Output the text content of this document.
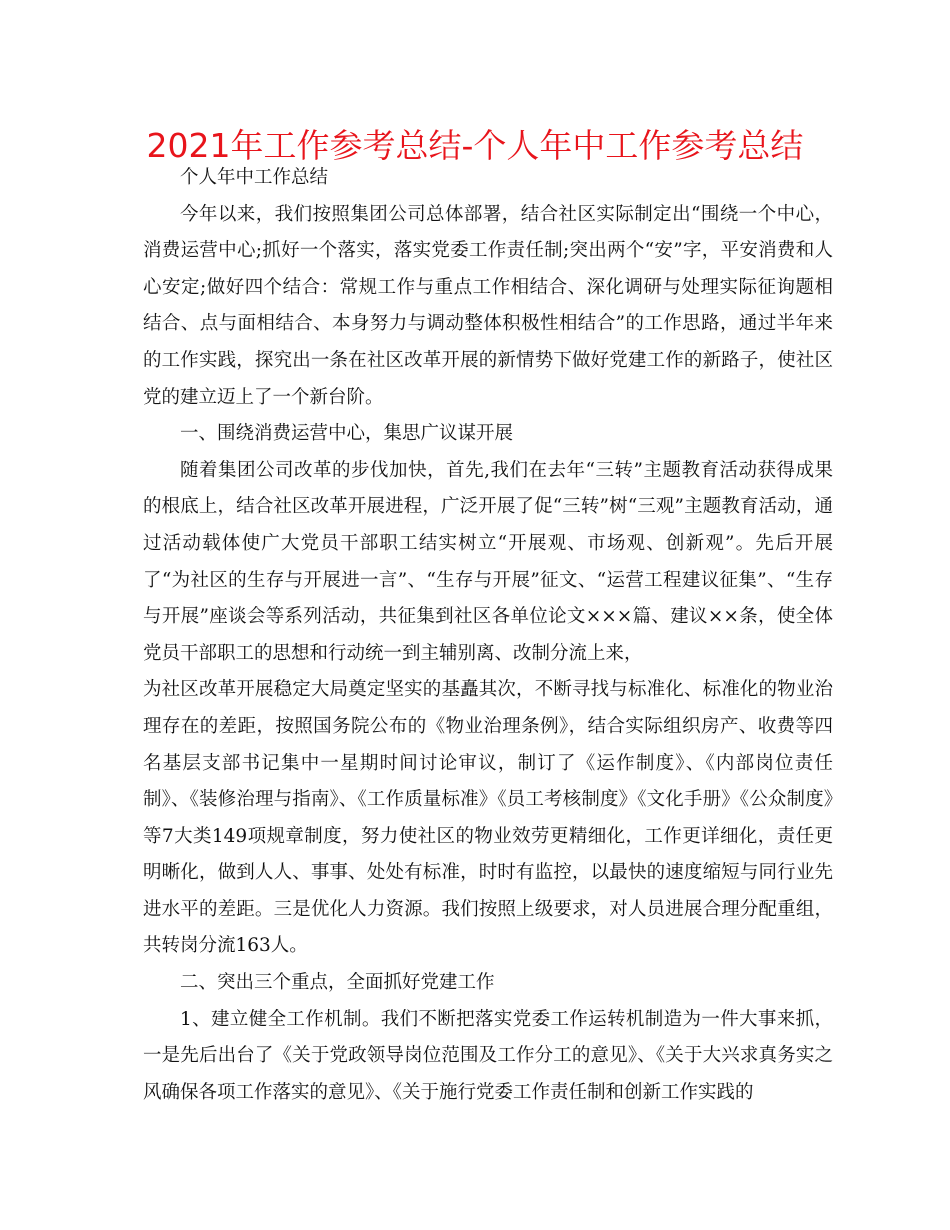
2021年工作参考总结-个人年中工作参考总结

个人年中工作总结

今年以来，我们按照集团公司总体部署，结合社区实际制定出“围绕一个中心，消费运营中心;抓好一个落实，落实党委工作责任制;突出两个“安”字，平安消费和人心安定;做好四个结合：常规工作与重点工作相结合、深化调研与处理实际征询题相结合、点与面相结合、本身努力与调动整体积极性相结合”的工作思路，通过半年来的工作实践，探究出一条在社区改革开展的新情势下做好党建工作的新路子，使社区党的建立迈上了一个新台阶。

一、围绕消费运营中心，集思广议谋开展

随着集团公司改革的步伐加快，首先,我们在去年“三转”主题教育活动获得成果的根底上，结合社区改革开展进程，广泛开展了促“三转”树“三观”主题教育活动，通过活动载体使广大党员干部职工结实树立“开展观、市场观、创新观”。先后开展了“为社区的生存与开展进一言”、“生存与开展”征文、“运营工程建议征集”、“生存与开展”座谈会等系列活动，共征集到社区各单位论文×××篇、建议××条，使全体党员干部职工的思想和行动统一到主辅别离、改制分流上来，

为社区改革开展稳定大局奠定坚实的基矗其次，不断寻找与标准化、标准化的物业治理存在的差距，按照国务院公布的《物业治理条例》，结合实际组织房产、收费等四名基层支部书记集中一星期时间讨论审议，制订了《运作制度》、《内部岗位责任制》、《装修治理与指南》、《工作质量标准》《员工考核制度》《文化手册》《公众制度》等7大类149项规章制度，努力使社区的物业效劳更精细化，工作更详细化，责任更明晰化，做到人人、事事、处处有标准，时时有监控，以最快的速度缩短与同行业先进水平的差距。三是优化人力资源。我们按照上级要求，对人员进展合理分配重组，共转岗分流163人。

二、突出三个重点，全面抓好党建工作

1、建立健全工作机制。我们不断把落实党委工作运转机制造为一件大事来抓，一是先后出台了《关于党政领导岗位范围及工作分工的意见》、《关于大兴求真务实之风确保各项工作落实的意见》、《关于施行党委工作责任制和创新工作实践的
